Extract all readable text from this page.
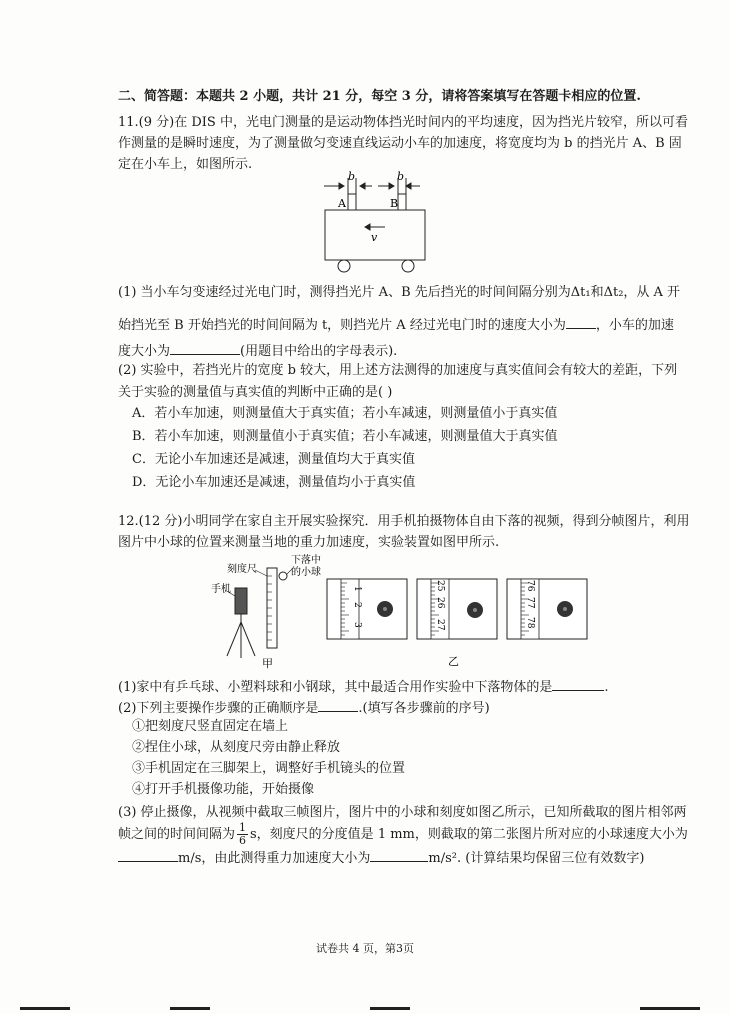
二、简答题：本题共 2 小题，共计 21 分，每空 3 分，请将答案填写在答题卡相应的位置.
11.(9 分)在 DIS 中，光电门测量的是运动物体挡光时间内的平均速度，因为挡光片较窄，所以可看
作测量的是瞬时速度，为了测量做匀变速直线运动小车的加速度，将宽度均为 b 的挡光片 A、B 固
定在小车上，如图所示.
b	b
A	B
v
(1) 当小车匀变速经过光电门时，测得挡光片 A、B 先后挡光的时间间隔分别为Δt₁和Δt₂，从 A 开
始挡光至 B 开始挡光的时间间隔为 t，则挡光片 A 经过光电门时的速度大小为 ，小车的加速
度大小为	(用题目中给出的字母表示).
(2) 实验中，若挡光片的宽度 b 较大，用上述方法测得的加速度与真实值间会有较大的差距，下列
关于实验的测量值与真实值的判断中正确的是( )
A．若小车加速，则测量值大于真实值；若小车减速，则测量值小于真实值
B．若小车加速，则测量值小于真实值；若小车减速，则测量值大于真实值
C．无论小车加速还是减速，测量值均大于真实值
D．无论小车加速还是减速，测量值均小于真实值
12.(12 分)小明同学在家自主开展实验探究．用手机拍摄物体自由下落的视频，得到分帧图片，利用
图片中小球的位置来测量当地的重力加速度，实验装置如图甲所示.
刻度尺
下落中
的小球
手机
甲
1
2
3
25
26
27
76
77
78
乙
(1)家中有乒乓球、小塑料球和小钢球，其中最适合用作实验中下落物体的是	.
(2)下列主要操作步骤的正确顺序是	.(填写各步骤前的序号)
①把刻度尺竖直固定在墙上
②捏住小球，从刻度尺旁由静止释放
③手机固定在三脚架上，调整好手机镜头的位置
④打开手机摄像功能，开始摄像
(3) 停止摄像，从视频中截取三帧图片，图片中的小球和刻度如图乙所示，已知所截取的图片相邻两
帧之间的时间间隔为 $\frac{1}{6}$ s，刻度尺的分度值是 1 mm，则截取的第二张图片所对应的小球速度大小为
m/s，由此测得重力加速度大小为	m/s². (计算结果均保留三位有效数字)
试卷共 4 页，第3页
